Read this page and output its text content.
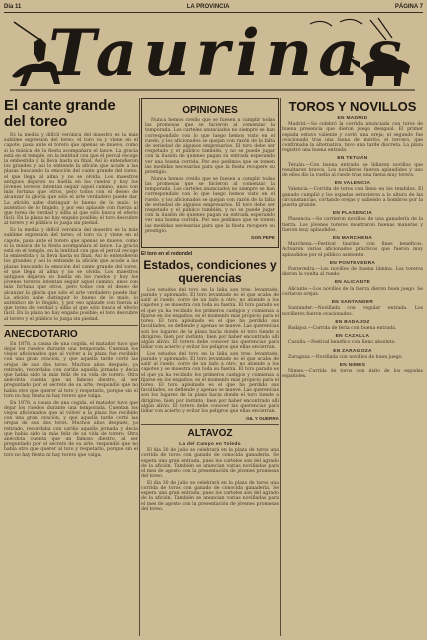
Día 11	LA PROVINCIA	PÁGINA 7
Taurinas
El cante grande del toreo

Es la media y difícil verónica del maestro es la más sublime expresión del toreo; el toro va y viene en el capote, pasa ante el torero que apenas se mueve, como si la música de la fiesta acompañara el lance. La gracia está en el temple, en la lentitud con que el percal recoge la embestida y la lleva hasta su final. Así lo entendieron los grandes y así lo entiende la afición que acude a las plazas buscando la emoción del cante grande del toreo, el que llega al alma y no se olvida. Los maestros antiguos dejaron su huella en los ruedos y hoy los jóvenes toreros intentan seguir aquel camino, unos con más fortuna que otros, pero todos con el deseo de alcanzar la gloria que sólo el arte verdadero puede dar. La afición sabe distinguir lo bueno de lo malo, lo auténtico de lo fingido, y por eso aplaude con fuerza al que torea de verdad y silba al que sólo busca el efecto fácil. En la plaza no hay engaño posible; el toro descubre al torero y el público lo juzga sin piedad.

Es la media y difícil verónica del maestro es la más sublime expresión del toreo; el toro va y viene en el capote, pasa ante el torero que apenas se mueve, como si la música de la fiesta acompañara el lance. La gracia está en el temple, en la lentitud con que el percal recoge la embestida y la lleva hasta su final. Así lo entendieron los grandes y así lo entiende la afición que acude a las plazas buscando la emoción del cante grande del toreo, el que llega al alma y no se olvida. Los maestros antiguos dejaron su huella en los ruedos y hoy los jóvenes toreros intentan seguir aquel camino, unos con más fortuna que otros, pero todos con el deseo de alcanzar la gloria que sólo el arte verdadero puede dar. La afición sabe distinguir lo bueno de lo malo, lo auténtico de lo fingido, y por eso aplaude con fuerza al que torea de verdad y silba al que sólo busca el efecto fácil. En la plaza no hay engaño posible; el toro descubre al torero y el público lo juzga sin piedad.

ANECDOTARIO

En 1878, a causa de una cogida, el matador tuvo que dejar los ruedos durante una temporada. Cuentan los viejos aficionados que al volver a la plaza fue recibido con una gran ovación, y que aquella tarde cortó las orejas de sus dos toros. Muchos años después, ya retirado, recordaba con cariño aquella jornada y decía que había sido la más feliz de su vida de torero. Otra anécdota cuenta que un famoso diestro, al ser preguntado por el secreto de su arte, respondió que no había otro que querer al toro y respetarlo, porque sin el toro no hay fiesta ni hay torero que valga.

En 1878, a causa de una cogida, el matador tuvo que dejar los ruedos durante una temporada. Cuentan los viejos aficionados que al volver a la plaza fue recibido con una gran ovación, y que aquella tarde cortó las orejas de sus dos toros. Muchos años después, ya retirado, recordaba con cariño aquella jornada y decía que había sido la más feliz de su vida de torero. Otra anécdota cuenta que un famoso diestro, al ser preguntado por el secreto de su arte, respondió que no había otro que querer al toro y respetarlo, porque sin el toro no hay fiesta ni hay torero que valga.

OPINIONES

Nunca hemos creído que se fuesen a cumplir todas las promesas que se hicieron al comenzar la temporada. Los carteles anunciados no siempre se han correspondido con lo que luego hemos visto en el ruedo, y los aficionados se quejan con razón de la falta de seriedad de algunos empresarios. El toro debe ser respetado y el público también, y no se puede jugar con la ilusión de quienes pagan su entrada esperando ver una buena corrida. Por eso pedimos que se tomen las medidas necesarias para que la fiesta recupere su prestigio.

Nunca hemos creído que se fuesen a cumplir todas las promesas que se hicieron al comenzar la temporada. Los carteles anunciados no siempre se han correspondido con lo que luego hemos visto en el ruedo, y los aficionados se quejan con razón de la falta de seriedad de algunos empresarios. El toro debe ser respetado y el público también, y no se puede jugar con la ilusión de quienes pagan su entrada esperando ver una buena corrida. Por eso pedimos que se tomen las medidas necesarias para que la fiesta recupere su prestigio.

DON PEPE
El toro en el redondel
Estados, condiciones y querencias

Los estados del toro en la lidia son tres: levantado, parado y aplomado. El toro levantado es el que acaba de salir al ruedo, corre de un lado a otro, no atiende a los capotes y se muestra con toda su fuerza. El toro parado es el que ya ha recibido los primeros castigos y comienza a fijarse en los engaños; es el momento más propicio para el toreo. El toro aplomado es el que ha perdido sus facultades, se defiende y apenas se mueve. Las querencias son los lugares de la plaza hacia donde el toro tiende a dirigirse, bien por instinto, bien por haber encontrado allí algún alivio. El torero debe conocer las querencias para lidiar con acierto y evitar los peligros que ellas encierran.

Los estados del toro en la lidia son tres: levantado, parado y aplomado. El toro levantado es el que acaba de salir al ruedo, corre de un lado a otro, no atiende a los capotes y se muestra con toda su fuerza. El toro parado es el que ya ha recibido los primeros castigos y comienza a fijarse en los engaños; es el momento más propicio para el toreo. El toro aplomado es el que ha perdido sus facultades, se defiende y apenas se mueve. Las querencias son los lugares de la plaza hacia donde el toro tiende a dirigirse, bien por instinto, bien por haber encontrado allí algún alivio. El torero debe conocer las querencias para lidiar con acierto y evitar los peligros que ellas encierran.

GIL Y GUERRA
ALTAVOZ
La del Campo en Toledo

El día 30 de julio se celebrará en la plaza de toros una corrida de toros con ganado de conocida ganadería. Se espera una gran entrada, pues los carteles son del agrado de la afición. También se anuncian varias novilladas para el mes de agosto con la presentación de jóvenes promesas del toreo.

El día 30 de julio se celebrará en la plaza de toros una corrida de toros con ganado de conocida ganadería. Se espera una gran entrada, pues los carteles son del agrado de la afición. También se anuncian varias novilladas para el mes de agosto con la presentación de jóvenes promesas del toreo.

TOROS Y NOVILLOS
EN MADRID

Madrid.—Se celebró la corrida anunciada con toros de buena presencia que dieron juego desigual. El primer espada estuvo valiente y cortó una oreja; el segundo fue ovacionado tras una faena de mérito; el tercero, que confirmaba la alternativa, tuvo una tarde discreta. La plaza registró una buena entrada.

EN TETUÁN

Tetuán.—Con buena entrada se lidiaron novillos que resultaron bravos. Los novilleros fueron aplaudidos y uno de ellos dio la vuelta al ruedo tras una faena muy torera.

EN VALENCIA

Valencia.—Corrida de toros con lleno en los tendidos. El ganado cumplió y los espadas estuvieron a la altura de las circunstancias, cortando orejas y saliendo a hombros por la puerta grande.

EN PLASENCIA

Plasencia.—Se corrieron novillos de una ganadería de la tierra. Los jóvenes toreros mostraron buenas maneras y fueron muy aplaudidos.

EN MARCHENA

Marchena.—Festival taurino con fines benéficos. Actuaron varios aficionados prácticos que fueron muy aplaudidos por el público asistente.

EN PONTEVEDRA

Pontevedra.—Los novillos de buena lámina. Los toreros dieron la vuelta al ruedo.

EN ALICANTE

Alicante.—Los novillos de la tierra dieron buen juego. Se cortaron orejas.

EN SANTANDER

Santander.—Novillada con regular entrada. Los novilleros fueron ovacionados.

EN BADAJOZ

Badajoz.—Corrida de feria con buena entrada.

EN CAZALLA

Cazalla.—Festival benéfico con lleno absoluto.

EN ZARAGOZA

Zaragoza.—Novillada con novillos de buen juego.

EN NIMES

Nimes.—Corrida de toros con éxito de los espadas españoles.
